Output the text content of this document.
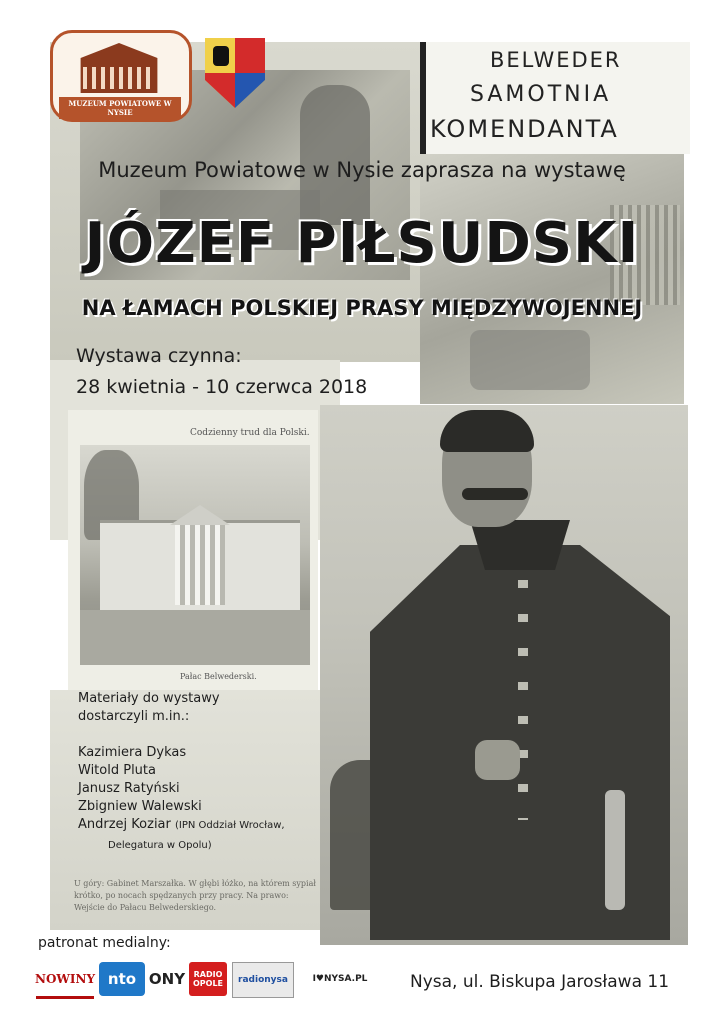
BELWEDER
SAMOTNIA
KOMENDANTA
Codzienny trud dla Polski.
Pałac Belwederski.
U góry: Gabinet Marszałka. W głębi łóżko, na którem sypiał krótko, po nocach spędzanych przy pracy. Na prawo: Wejście do Pałacu Belwederskiego.
MUZEUM POWIATOWE W NYSIE
Muzeum Powiatowe w Nysie zaprasza na wystawę
JÓZEF PIŁSUDSKI
NA ŁAMACH POLSKIEJ PRASY MIĘDZYWOJENNEJ
Wystawa czynna:
28 kwietnia - 10 czerwca 2018
Materiały do wystawy
dostarczyli m.in.:
Kazimiera Dykas
Witold Pluta
Janusz Ratyński
Zbigniew Walewski
Andrzej Koziar (IPN Oddział Wrocław,
Delegatura w Opolu)
patronat medialny:
NOWINY nto ONY	RADIO OPOLE	radionysa	I♥NYSA.PL	Nysa, ul. Biskupa Jarosława 11
